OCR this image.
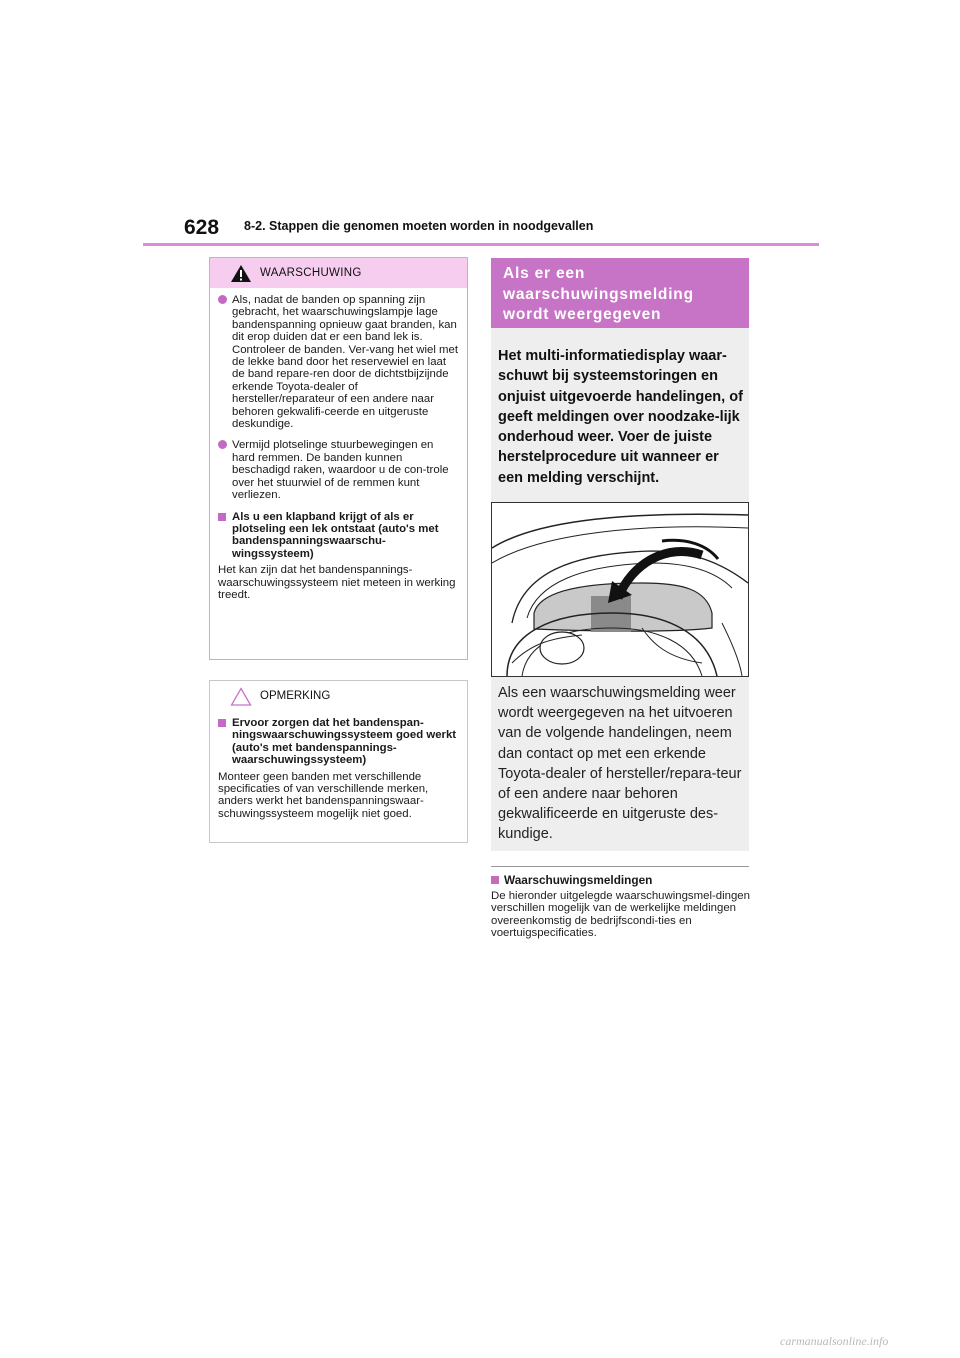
628 8-2. Stappen die genomen moeten worden in noodgevallen
WAARSCHUWING
Als, nadat de banden op spanning zijn gebracht, het waarschuwingslampje lage bandenspanning opnieuw gaat branden, kan dit erop duiden dat er een band lek is. Controleer de banden. Ver-vang het wiel met de lekke band door het reservewiel en laat de band repare-ren door de dichtstbijzijnde erkende Toyota-dealer of hersteller/reparateur of een andere naar behoren gekwalifi-ceerde en uitgeruste deskundige.
Vermijd plotselinge stuurbewegingen en hard remmen. De banden kunnen beschadigd raken, waardoor u de con-trole over het stuurwiel of de remmen kunt verliezen.
Als u een klapband krijgt of als er plotseling een lek ontstaat (auto's met bandenspanningswaarschu-wingssysteem)
Het kan zijn dat het bandenspannings-waarschuwingssysteem niet meteen in werking treedt.
OPMERKING
Ervoor zorgen dat het bandenspan-ningswaarschuwingssysteem goed werkt (auto's met bandenspannings-waarschuwingssysteem)
Monteer geen banden met verschillende specificaties of van verschillende merken, anders werkt het bandenspanningswaar-schuwingssysteem mogelijk niet goed.
Als er een waarschuwingsmelding wordt weergegeven
Het multi-informatiedisplay waar-schuwt bij systeemstoringen en onjuist uitgevoerde handelingen, of geeft meldingen over noodzake-lijk onderhoud weer. Voer de juiste herstelprocedure uit wanneer er een melding verschijnt.
Als een waarschuwingsmelding weer wordt weergegeven na het uitvoeren van de volgende handelingen, neem dan contact op met een erkende Toyota-dealer of hersteller/repara-teur of een andere naar behoren gekwalificeerde en uitgeruste des-kundige.
Waarschuwingsmeldingen
De hieronder uitgelegde waarschuwingsmel-dingen verschillen mogelijk van de werkelijke meldingen overeenkomstig de bedrijfscondi-ties en voertuigspecificaties.
carmanualsonline.info
